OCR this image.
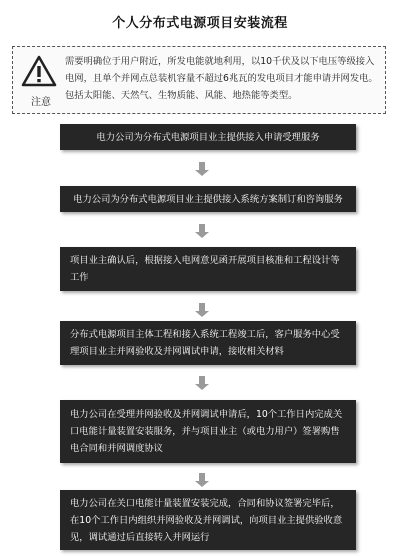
个人分布式电源项目安装流程
注意
需要明确位于用户附近，所发电能就地利用，以10千伏及以下电压等级接入电网，且单个并网点总装机容量不超过6兆瓦的发电项目才能申请并网发电。包括太阳能、天然气、生物质能、风能、地热能等类型。
电力公司为分布式电源项目业主提供接入申请受理服务
电力公司为分布式电源项目业主提供接入系统方案制订和咨询服务
项目业主确认后，根据接入电网意见函开展项目核准和工程设计等工作
分布式电源项目主体工程和接入系统工程竣工后，客户服务中心受理项目业主并网验收及并网调试申请，接收相关材料
电力公司在受理并网验收及并网调试申请后，10个工作日内完成关口电能计量装置安装服务，并与项目业主（或电力用户）签署购售电合同和并网调度协议
电力公司在关口电能计量装置安装完成，合同和协议签署完毕后，在10个工作日内组织并网验收及并网调试，向项目业主提供验收意见，调试通过后直接转入并网运行
